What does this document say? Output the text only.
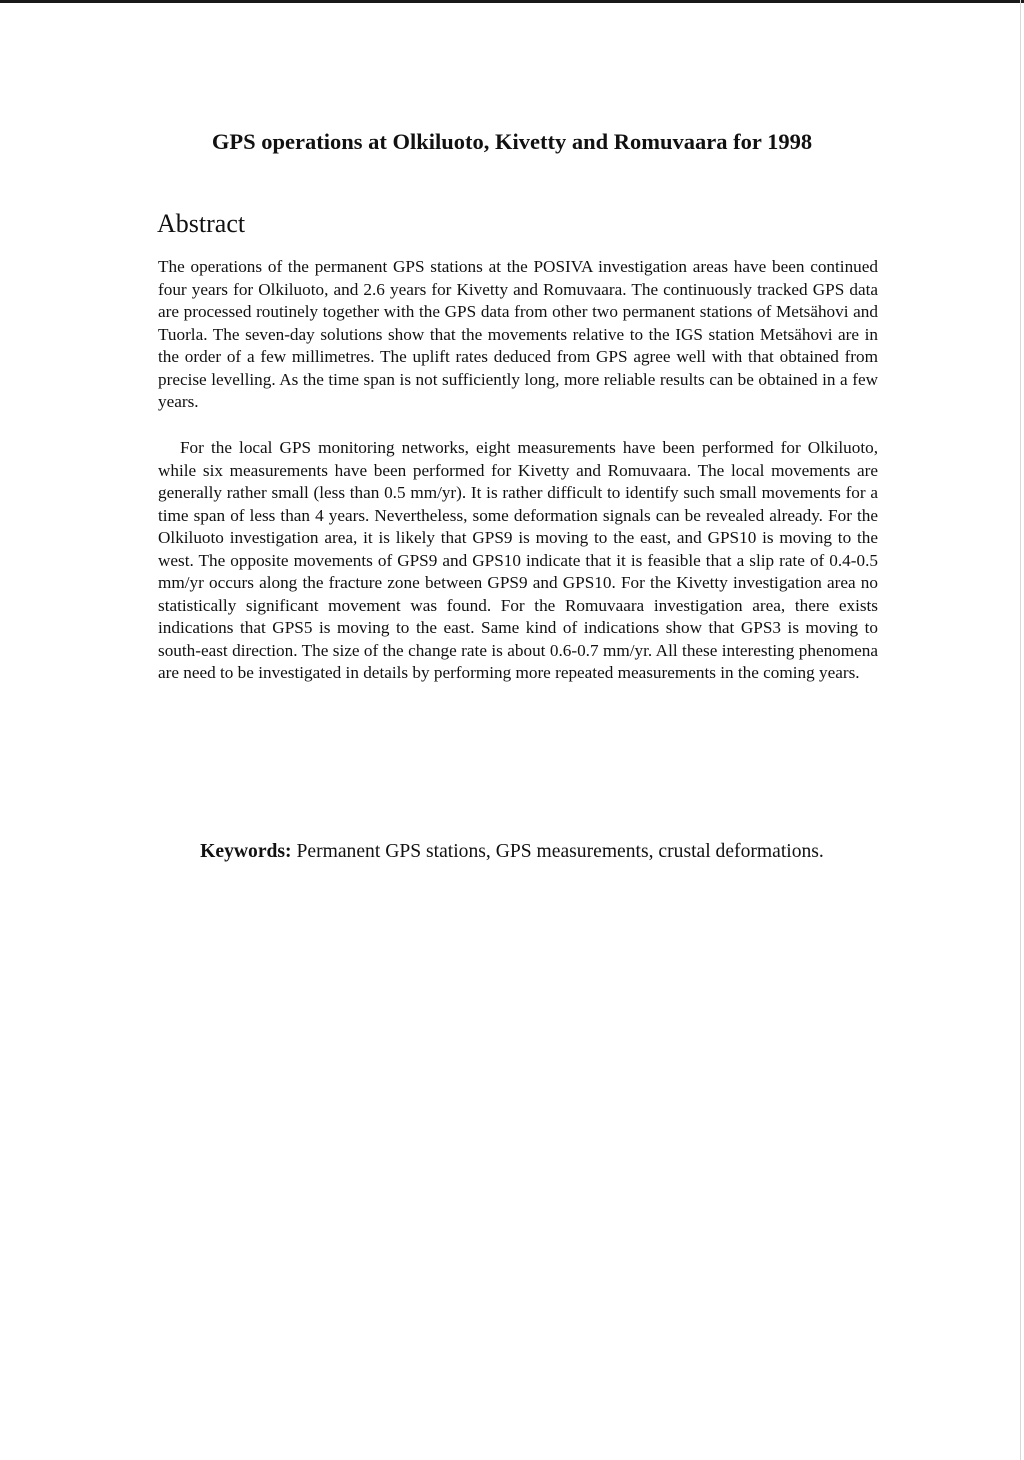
GPS operations at Olkiluoto, Kivetty and Romuvaara for 1998
Abstract

The operations of the permanent GPS stations at the POSIVA investigation areas have been continued four years for Olkiluoto, and 2.6 years for Kivetty and Romuvaara. The continuously tracked GPS data are processed routinely together with the GPS data from other two permanent stations of Metsähovi and Tuorla. The seven-day solutions show that the movements relative to the IGS station Metsähovi are in the order of a few millimetres. The uplift rates deduced from GPS agree well with that obtained from precise levelling. As the time span is not sufficiently long, more reliable results can be obtained in a few years.

For the local GPS monitoring networks, eight measurements have been performed for Olkiluoto, while six measurements have been performed for Kivetty and Romuvaara. The local movements are generally rather small (less than 0.5 mm/yr). It is rather difficult to identify such small movements for a time span of less than 4 years. Nevertheless, some deformation signals can be revealed already. For the Olkiluoto investigation area, it is likely that GPS9 is moving to the east, and GPS10 is moving to the west. The opposite movements of GPS9 and GPS10 indicate that it is feasible that a slip rate of 0.4-0.5 mm/yr occurs along the fracture zone between GPS9 and GPS10. For the Kivetty investigation area no statistically significant movement was found. For the Romuvaara investigation area, there exists indications that GPS5 is moving to the east. Same kind of indications show that GPS3 is moving to south-east direction. The size of the change rate is about 0.6-0.7 mm/yr. All these interesting phenomena are need to be investigated in details by performing more repeated measurements in the coming years.

Keywords: Permanent GPS stations, GPS measurements, crustal deformations.
